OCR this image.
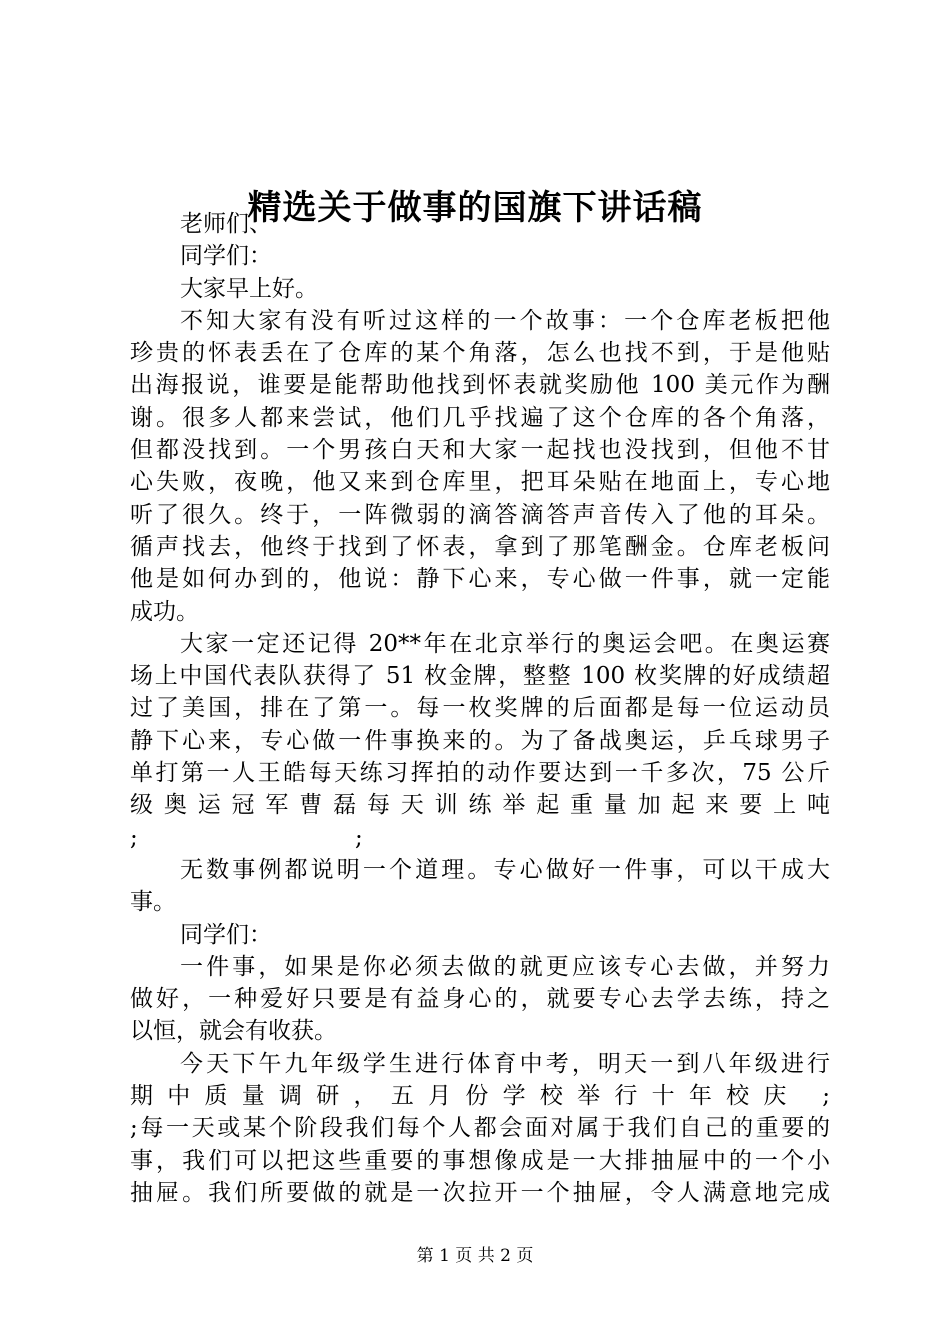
精选关于做事的国旗下讲话稿
老师们、
同学们：
大家早上好。
不知大家有没有听过这样的一个故事：一个仓库老板把他
珍贵的怀表丢在了仓库的某个角落，怎么也找不到，于是他贴
出海报说，谁要是能帮助他找到怀表就奖励他 100 美元作为酬
谢。很多人都来尝试，他们几乎找遍了这个仓库的各个角落，
但都没找到。一个男孩白天和大家一起找也没找到，但他不甘
心失败，夜晚，他又来到仓库里，把耳朵贴在地面上，专心地
听了很久。终于，一阵微弱的滴答滴答声音传入了他的耳朵。
循声找去，他终于找到了怀表，拿到了那笔酬金。仓库老板问
他是如何办到的，他说：静下心来，专心做一件事，就一定能
成功。
大家一定还记得 20**年在北京举行的奥运会吧。在奥运赛
场上中国代表队获得了 51 枚金牌，整整 100 枚奖牌的好成绩超
过了美国，排在了第一。每一枚奖牌的后面都是每一位运动员
静下心来，专心做一件事换来的。为了备战奥运，乒乓球男子
单打第一人王皓每天练习挥拍的动作要达到一千多次，75 公斤
级奥运冠军曹磊每天训练举起重量加起来要上吨
; ;
无数事例都说明一个道理。专心做好一件事，可以干成大
事。
同学们：
一件事，如果是你必须去做的就更应该专心去做，并努力
做好，一种爱好只要是有益身心的，就要专心去学去练，持之
以恒，就会有收获。
今天下午九年级学生进行体育中考，明天一到八年级进行
期中质量调研，五月份学校举行十年校庆 ;
;每一天或某个阶段我们每个人都会面对属于我们自己的重要的
事，我们可以把这些重要的事想像成是一大排抽屉中的一个小
抽屉。我们所要做的就是一次拉开一个抽屉，令人满意地完成
第 1 页 共 2 页
